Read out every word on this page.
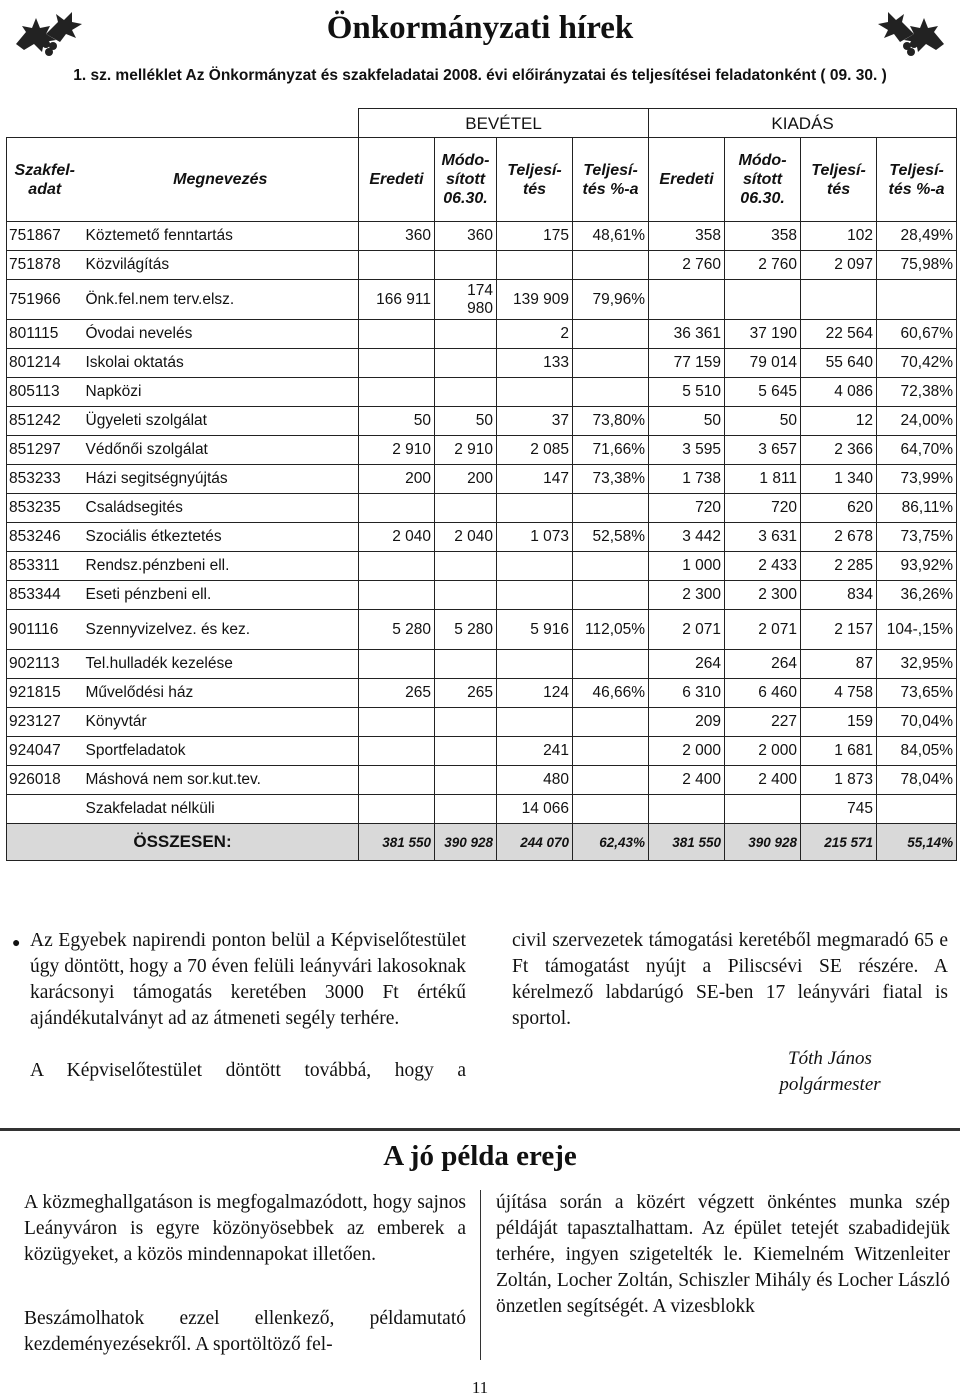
Önkormányzati hírek
1. sz. melléklet Az Önkormányzat és szakfeladatai 2008. évi előirányzatai és teljesítései feladatonként ( 09. 30. )
		BEVÉTEL				KIADÁS			
Szakfel-adat	Megnevezés	Eredeti	Módo-sított 06.30.	Teljesí-tés	Teljesí-tés %-a	Eredeti	Módo-sított 06.30.	Teljesí-tés	Teljesí-tés %-a
751867	Köztemető fenntartás	360	360	175	48,61%	358	358	102	28,49%
751878	Közvilágítás					2 760	2 760	2 097	75,98%
751966	Önk.fel.nem terv.elsz.	166 911	174 980	139 909	79,96%				
801115	Óvodai nevelés			2		36 361	37 190	22 564	60,67%
801214	Iskolai oktatás			133		77 159	79 014	55 640	70,42%
805113	Napközi					5 510	5 645	4 086	72,38%
851242	Ügyeleti szolgálat	50	50	37	73,80%	50	50	12	24,00%
851297	Védőnői szolgálat	2 910	2 910	2 085	71,66%	3 595	3 657	2 366	64,70%
853233	Házi segitségnyújtás	200	200	147	73,38%	1 738	1 811	1 340	73,99%
853235	Családsegités					720	720	620	86,11%
853246	Szociális étkeztetés	2 040	2 040	1 073	52,58%	3 442	3 631	2 678	73,75%
853311	Rendsz.pénzbeni ell.					1 000	2 433	2 285	93,92%
853344	Eseti pénzbeni ell.					2 300	2 300	834	36,26%
901116	Szennyvizelvez. és kez.	5 280	5 280	5 916	112,05%	2 071	2 071	2 157	104-,15%
902113	Tel.hulladék kezelése					264	264	87	32,95%
921815	Művelődési ház	265	265	124	46,66%	6 310	6 460	4 758	73,65%
923127	Könyvtár					209	227	159	70,04%
924047	Sportfeladatok			241		2 000	2 000	1 681	84,05%
926018	Máshová nem sor.kut.tev.			480		2 400	2 400	1 873	78,04%
	Szakfeladat nélküli			14 066				745	
ÖSSZESEN:		381 550	390 928	244 070	62,43%	381 550	390 928	215 571	55,14%
● Az Egyebek napirendi ponton belül a Képviselőtestület úgy döntött, hogy a 70 éven felüli leányvári lakosoknak karácsonyi támogatás keretében 3000 Ft értékű ajándékutalványt ad az átmeneti segély terhére.
A Képviselőtestület döntött továbbá, hogy a
civil szervezetek támogatási keretéből megmaradó 65 e Ft támogatást nyújt a Piliscsévi SE részére. A kérelmező labdarúgó SE-ben 17 leányvári fiatal is sportol.
Tóth János
polgármester
A jó példa ereje
A közmeghallgatáson is megfogalmazódott, hogy sajnos Leányváron is egyre közönyösebbek az emberek a közügyeket, a közös mindennapokat illetően.
Beszámolhatok ezzel ellenkező, példamutató kezdeményezésekről. A sportöltöző fel-
újítása során a közért végzett önkéntes munka szép példáját tapasztalhattam. Az épület tetejét szabadidejük terhére, ingyen szigetelték le. Kiemelném Witzenleiter Zoltán, Locher Zoltán, Schiszler Mihály és Locher László önzetlen segítségét. A vizesblokk
11
